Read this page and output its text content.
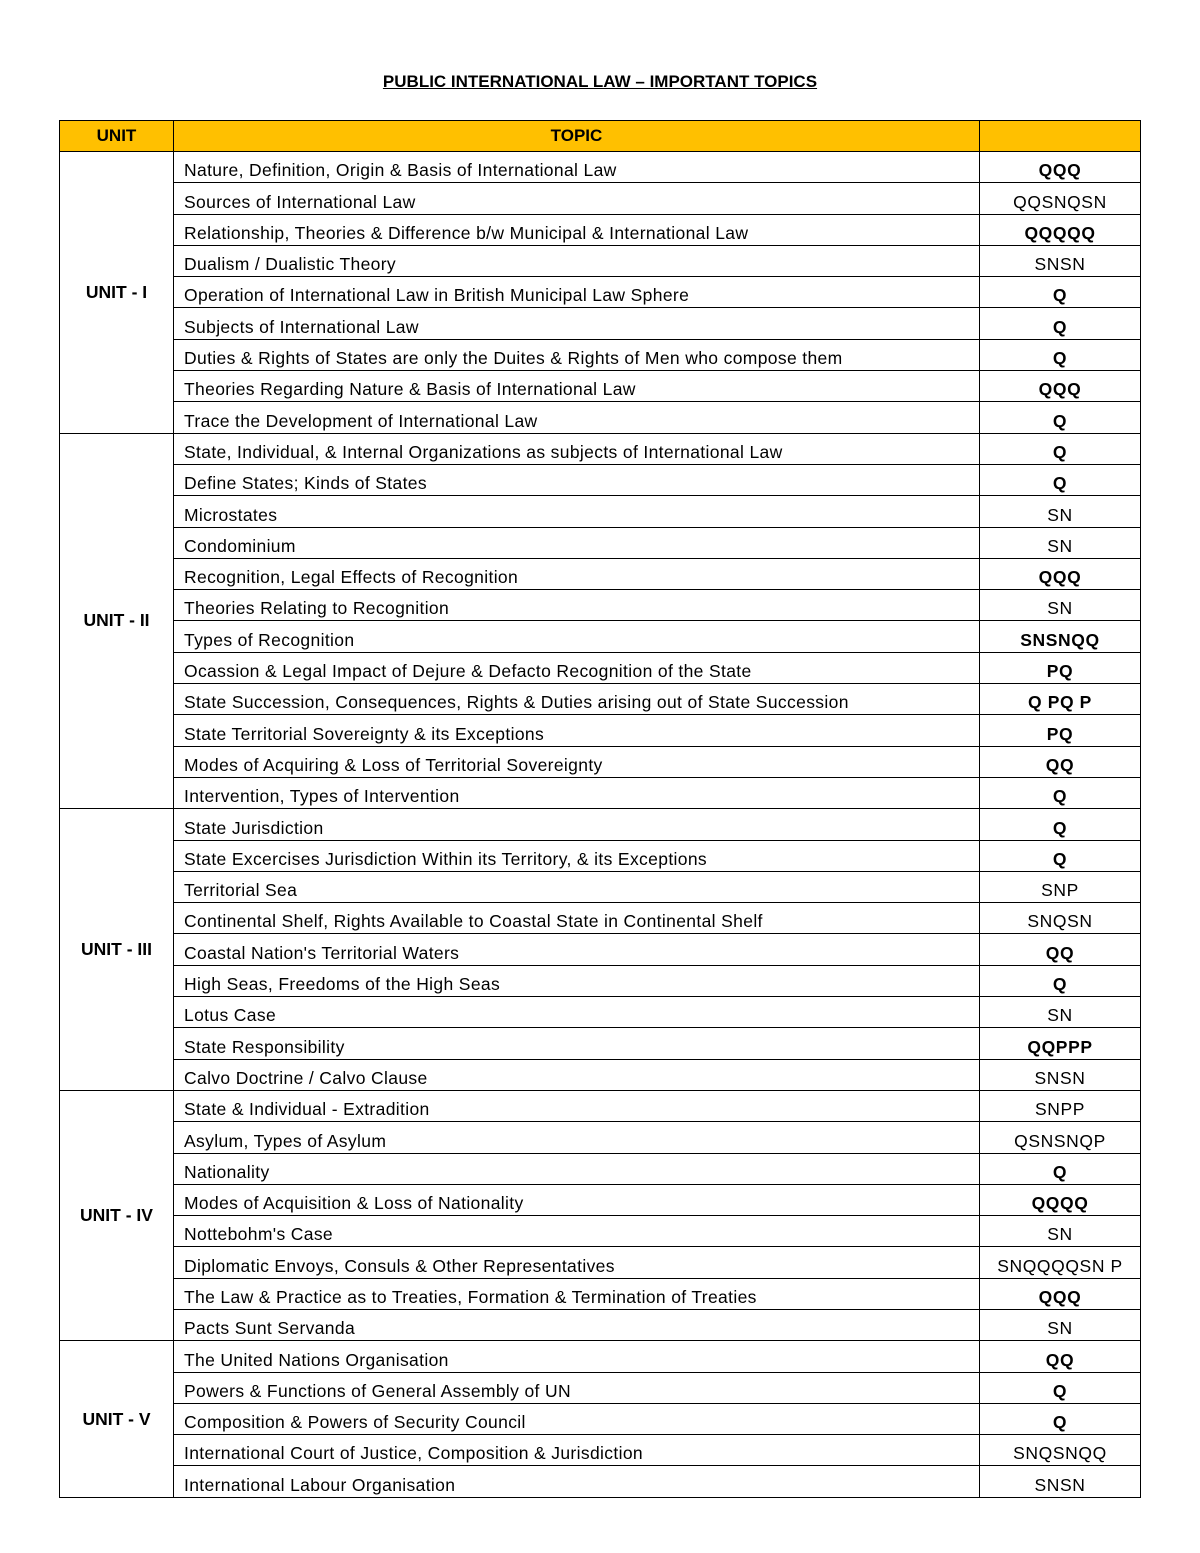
PUBLIC INTERNATIONAL LAW – IMPORTANT TOPICS
UNIT	TOPIC	
UNIT - I	Nature, Definition, Origin & Basis of International Law	QQQ
	Sources of International Law	QQSNQSN
	Relationship, Theories & Difference b/w Municipal & International Law	QQQQQ
	Dualism / Dualistic Theory	SNSN
	Operation of International Law in British Municipal Law Sphere	Q
	Subjects of International Law	Q
	Duties & Rights of States are only the Duites & Rights of Men who compose them	Q
	Theories Regarding Nature & Basis of International Law	QQQ
	Trace the Development of International Law	Q
UNIT - II	State, Individual, & Internal Organizations as subjects of International Law	Q
	Define States; Kinds of States	Q
	Microstates	SN
	Condominium	SN
	Recognition, Legal Effects of Recognition	QQQ
	Theories Relating to Recognition	SN
	Types of Recognition	SNSNQQ
	Ocassion & Legal Impact of Dejure & Defacto Recognition of the State	PQ
	State Succession, Consequences, Rights & Duties arising out of State Succession	Q PQ P
	State Territorial Sovereignty & its Exceptions	PQ
	Modes of Acquiring & Loss of Territorial Sovereignty	QQ
	Intervention, Types of Intervention	Q
UNIT - III	State Jurisdiction	Q
	State Excercises Jurisdiction Within its Territory, & its Exceptions	Q
	Territorial Sea	SNP
	Continental Shelf, Rights Available to Coastal State in Continental Shelf	SNQSN
	Coastal Nation's Territorial Waters	QQ
	High Seas, Freedoms of the High Seas	Q
	Lotus Case	SN
	State Responsibility	QQPPP
	Calvo Doctrine / Calvo Clause	SNSN
UNIT - IV	State & Individual - Extradition	SNPP
	Asylum, Types of Asylum	QSNSNQP
	Nationality	Q
	Modes of Acquisition & Loss of Nationality	QQQQ
	Nottebohm's Case	SN
	Diplomatic Envoys, Consuls & Other Representatives	SNQQQQSN P
	The Law & Practice as to Treaties, Formation & Termination of Treaties	QQQ
	Pacts Sunt Servanda	SN
UNIT - V	The United Nations Organisation	QQ
	Powers & Functions of General Assembly of UN	Q
	Composition & Powers of Security Council	Q
	International Court of Justice, Composition & Jurisdiction	SNQSNQQ
	International Labour Organisation	SNSN
